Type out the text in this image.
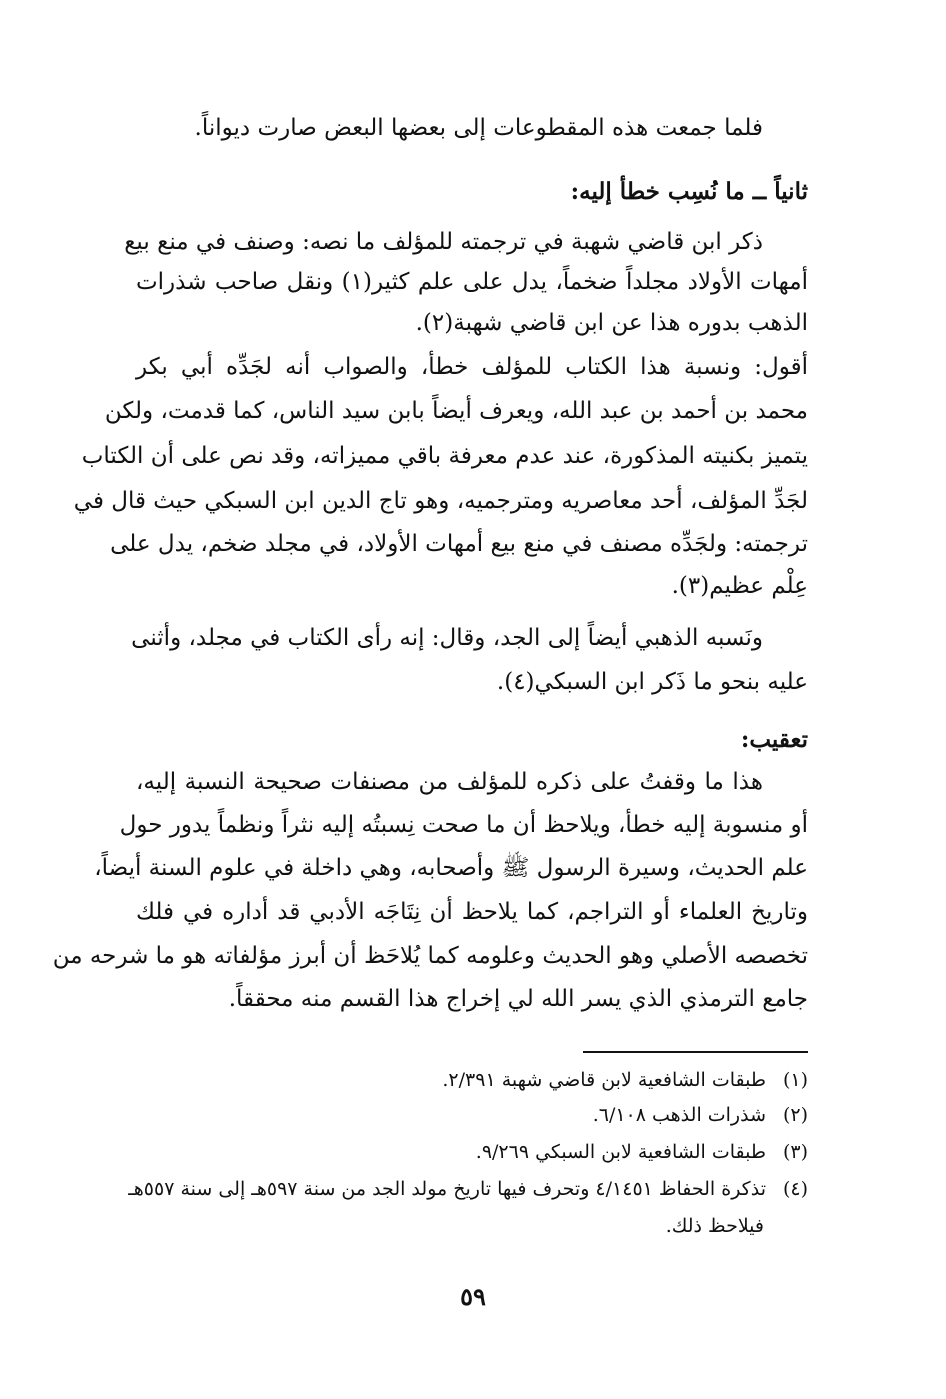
فلما جمعت هذه المقطوعات إلى بعضها البعض صارت ديواناً.
ثانياً ــ ما نُسِب خطأ إليه:
ذكر ابن قاضي شهبة في ترجمته للمؤلف ما نصه: وصنف في منع بيع
أمهات الأولاد مجلداً ضخماً، يدل على علم كثير(١) ونقل صاحب شذرات
الذهب بدوره هذا عن ابن قاضي شهبة(٢).
أقول: ونسبة هذا الكتاب للمؤلف خطأ، والصواب أنه لجَدِّه أبي بكر
محمد بن أحمد بن عبد الله، ويعرف أيضاً بابن سيد الناس، كما قدمت، ولكن
يتميز بكنيته المذكورة، عند عدم معرفة باقي مميزاته، وقد نص على أن الكتاب
لجَدِّ المؤلف، أحد معاصريه ومترجميه، وهو تاج الدين ابن السبكي حيث قال في
ترجمته: ولجَدِّه مصنف في منع بيع أمهات الأولاد، في مجلد ضخم، يدل على
عِلْم عظيم(٣).
ونَسبه الذهبي أيضاً إلى الجد، وقال: إنه رأى الكتاب في مجلد، وأثنى
عليه بنحو ما ذَكر ابن السبكي(٤).
تعقيب:
هذا ما وقفتُ على ذكره للمؤلف من مصنفات صحيحة النسبة إليه،
أو منسوبة إليه خطأ، ويلاحظ أن ما صحت نِسبتُه إليه نثراً ونظماً يدور حول
علم الحديث، وسيرة الرسول ﷺ وأصحابه، وهي داخلة في علوم السنة أيضاً،
وتاريخ العلماء أو التراجم، كما يلاحظ أن نِتَاجَه الأدبي قد أداره في فلك
تخصصه الأصلي وهو الحديث وعلومه كما يُلاحَظ أن أبرز مؤلفاته هو ما شرحه من
جامع الترمذي الذي يسر الله لي إخراج هذا القسم منه محققاً.
(١)طبقات الشافعية لابن قاضي شهبة ٢/٣٩١.
(٢)شذرات الذهب ٦/١٠٨.
(٣)طبقات الشافعية لابن السبكي ٩/٢٦٩.
(٤)تذكرة الحفاظ ٤/١٤٥١ وتحرف فيها تاريخ مولد الجد من سنة ٥٩٧هـ إلى سنة ٥٥٧هـ
فيلاحظ ذلك.
٥٩
